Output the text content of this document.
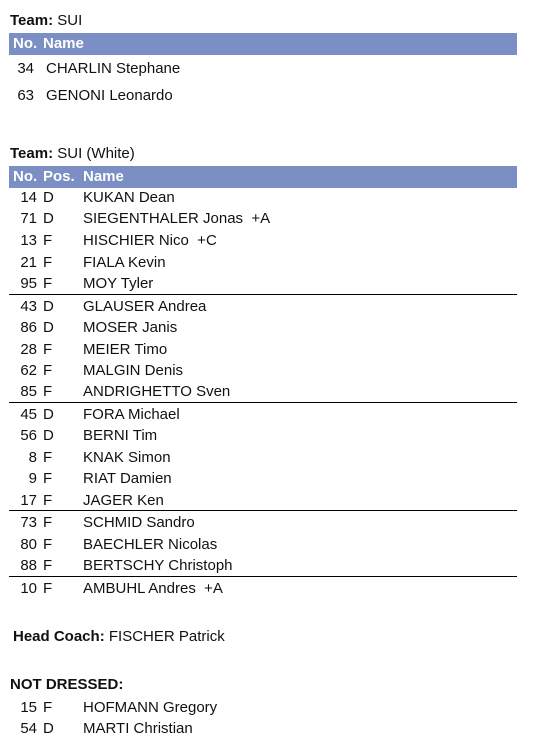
Team: SUI
No. Name
34 CHARLIN Stephane
63 GENONI Leonardo
Team: SUI (White)
No. Pos. Name
14 D KUKAN Dean
71 D SIEGENTHALER Jonas  +A
13 F HISCHIER Nico  +C
21 F FIALA Kevin
95 F MOY Tyler
43 D GLAUSER Andrea
86 D MOSER Janis
28 F MEIER Timo
62 F MALGIN Denis
85 F ANDRIGHETTO Sven
45 D FORA Michael
56 D BERNI Tim
8 F KNAK Simon
9 F RIAT Damien
17 F JAGER Ken
73 F SCHMID Sandro
80 F BAECHLER Nicolas
88 F BERTSCHY Christoph
10 F AMBUHL Andres  +A
Head Coach: FISCHER Patrick
NOT DRESSED:
15 F HOFMANN Gregory
54 D MARTI Christian
